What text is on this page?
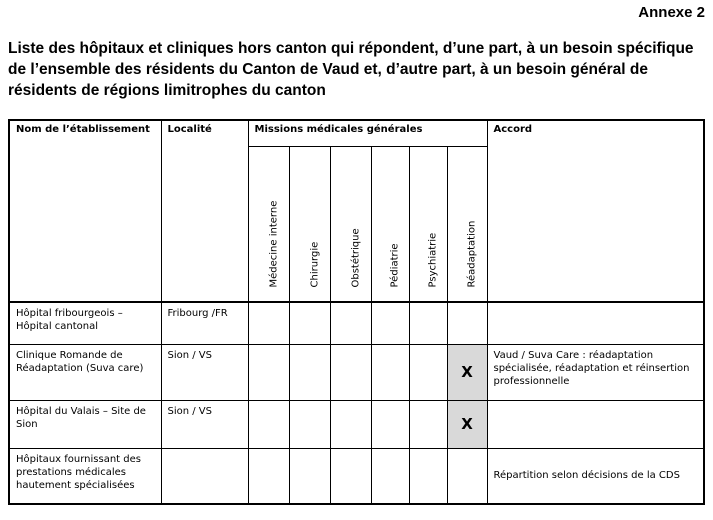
Annexe 2
Liste des hôpitaux et cliniques hors canton qui répondent, d’une part, à un besoin spécifique de l’ensemble des résidents du Canton de Vaud et, d’autre part, à un besoin général de résidents de régions limitrophes du canton
Nom de l’établissement	Localité	Missions médicales générales						Accord

		Médecine interne	Chirurgie	Obstétrique	Pédiatrie	Psychiatrie	Réadaptation	

Hôpital fribourgeois – Hôpital cantonal	Fribourg /FR							
Clinique Romande de Réadaptation (Suva care)	Sion / VS						X	Vaud / Suva Care : réadaptation spécialisée, réadaptation et réinsertion professionnelle
Hôpital du Valais – Site de Sion	Sion / VS						X	
Hôpitaux fournissant des prestations médicales hautement spécialisées								Répartition selon décisions de la CDS
